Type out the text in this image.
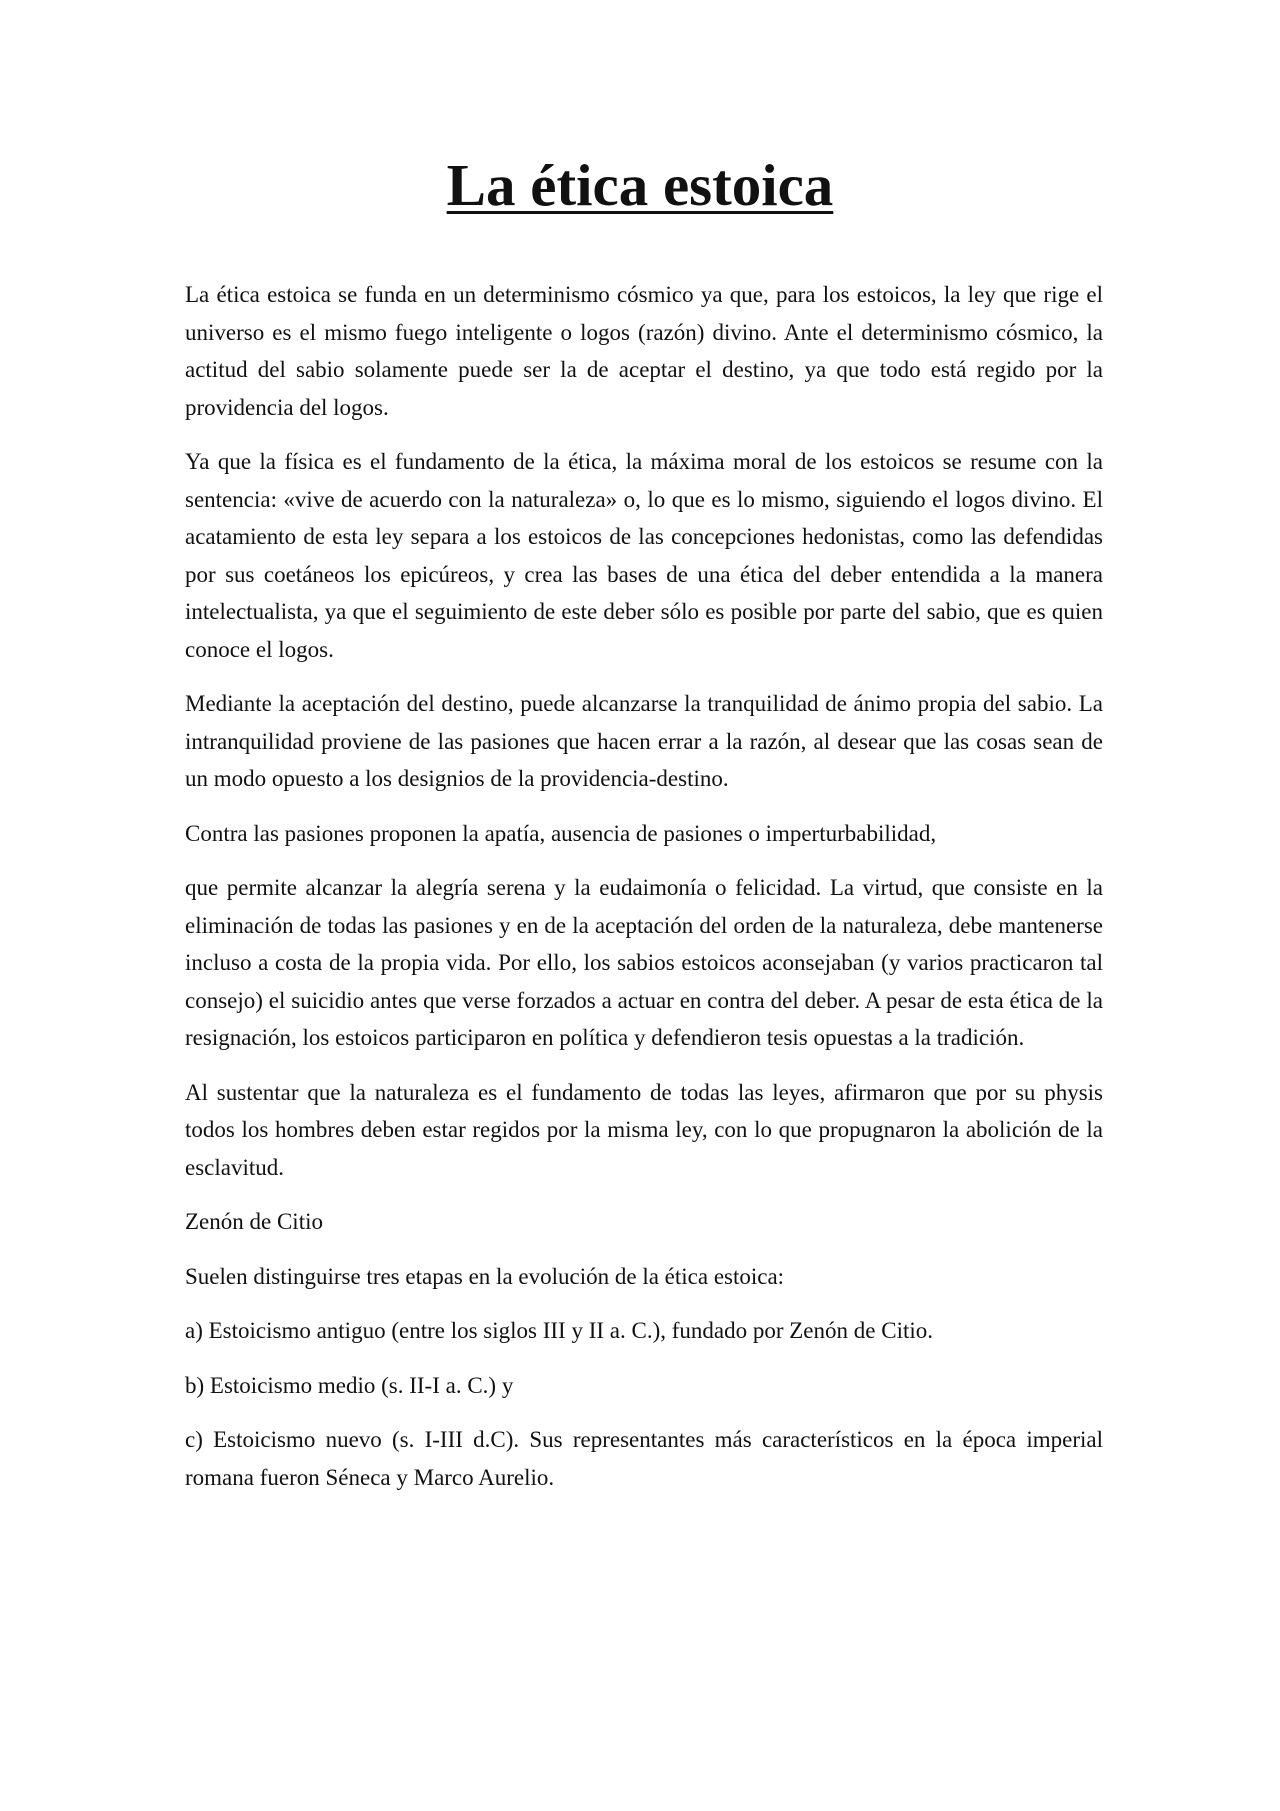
La ética estoica

La ética estoica se funda en un determinismo cósmico ya que, para los estoicos, la ley que rige el universo es el mismo fuego inteligente o logos (razón) divino. Ante el determinismo cósmico, la actitud del sabio solamente puede ser la de aceptar el destino, ya que todo está regido por la providencia del logos.

Ya que la física es el fundamento de la ética, la máxima moral de los estoicos se resume con la sentencia: «vive de acuerdo con la naturaleza» o, lo que es lo mismo, siguiendo el logos divino. El acatamiento de esta ley separa a los estoicos de las concepciones hedonistas, como las defendidas por sus coetáneos los epicúreos, y crea las bases de una ética del deber entendida a la manera intelectualista, ya que el seguimiento de este deber sólo es posible por parte del sabio, que es quien conoce el logos.

Mediante la aceptación del destino, puede alcanzarse la tranquilidad de ánimo propia del sabio. La intranquilidad proviene de las pasiones que hacen errar a la razón, al desear que las cosas sean de un modo opuesto a los designios de la providencia-destino.

Contra las pasiones proponen la apatía, ausencia de pasiones o imperturbabilidad,

que permite alcanzar la alegría serena y la eudaimonía o felicidad. La virtud, que consiste en la eliminación de todas las pasiones y en de la aceptación del orden de la naturaleza, debe mantenerse incluso a costa de la propia vida. Por ello, los sabios estoicos aconsejaban (y varios practicaron tal consejo) el suicidio antes que verse forzados a actuar en contra del deber. A pesar de esta ética de la resignación, los estoicos participaron en política y defendieron tesis opuestas a la tradición.

Al sustentar que la naturaleza es el fundamento de todas las leyes, afirmaron que por su physis todos los hombres deben estar regidos por la misma ley, con lo que propugnaron la abolición de la esclavitud.

Zenón de Citio

Suelen distinguirse tres etapas en la evolución de la ética estoica:

a) Estoicismo antiguo (entre los siglos III y II a. C.), fundado por Zenón de Citio.

b) Estoicismo medio (s. II-I a. C.) y

c) Estoicismo nuevo (s. I-III d.C). Sus representantes más característicos en la época imperial romana fueron Séneca y Marco Aurelio.
